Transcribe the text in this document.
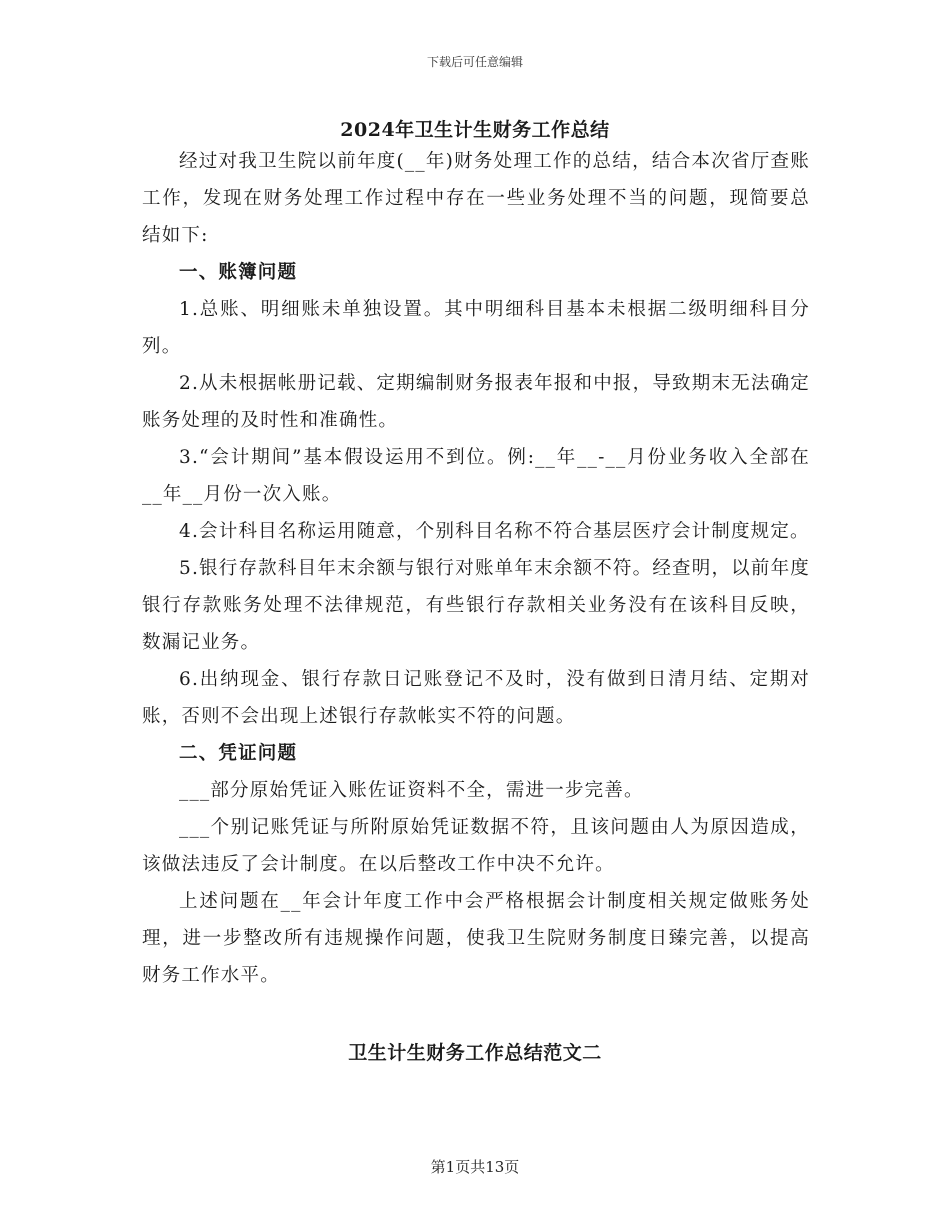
下载后可任意编辑
2024年卫生计生财务工作总结

经过对我卫生院以前年度(__年)财务处理工作的总结，结合本次省厅查账工作，发现在财务处理工作过程中存在一些业务处理不当的问题，现简要总结如下:

一、账簿问题

1.总账、明细账未单独设置。其中明细科目基本未根据二级明细科目分列。

2.从未根据帐册记载、定期编制财务报表年报和中报，导致期末无法确定账务处理的及时性和准确性。

3.“会计期间”基本假设运用不到位。例:__年__-__月份业务收入全部在__年__月份一次入账。

4.会计科目名称运用随意，个别科目名称不符合基层医疗会计制度规定。

5.银行存款科目年末余额与银行对账单年末余额不符。经查明，以前年度银行存款账务处理不法律规范，有些银行存款相关业务没有在该科目反映，数漏记业务。

6.出纳现金、银行存款日记账登记不及时，没有做到日清月结、定期对账，否则不会出现上述银行存款帐实不符的问题。

二、凭证问题

___部分原始凭证入账佐证资料不全，需进一步完善。

___个别记账凭证与所附原始凭证数据不符，且该问题由人为原因造成，该做法违反了会计制度。在以后整改工作中决不允许。

上述问题在__年会计年度工作中会严格根据会计制度相关规定做账务处理，进一步整改所有违规操作问题，使我卫生院财务制度日臻完善，以提高财务工作水平。

卫生计生财务工作总结范文二
第1页共13页
